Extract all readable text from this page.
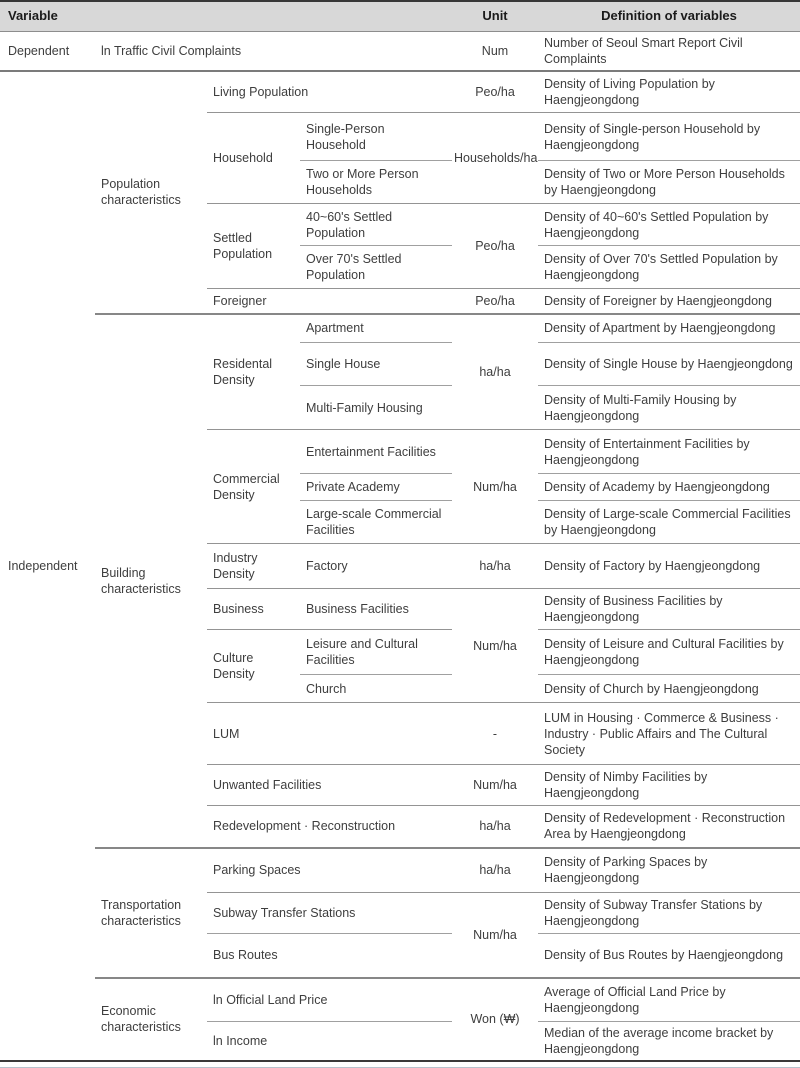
Variable				Unit	Definition of variables
Dependent	ln Traffic Civil Complaints			Num	Number of Seoul Smart Report Civil Complaints
Independent	Population characteristics	Living Population		Peo/ha	Density of Living Population by Haengjeongdong
		Household	Single-Person Household	Households/ha	Density of Single-person Household by Haengjeongdong
			Two or More Person Households		Density of Two or More Person Households by Haengjeongdong
		Settled Population	40~60's Settled Population	Peo/ha	Density of 40~60's Settled Population by Haengjeongdong
			Over 70's Settled Population		Density of Over 70's Settled Population by Haengjeongdong
		Foreigner		Peo/ha	Density of Foreigner by Haengjeongdong
	Building characteristics	Residental Density	Apartment	ha/ha	Density of Apartment by Haengjeongdong
			Single House		Density of Single House by Haengjeongdong
			Multi-Family Housing		Density of Multi-Family Housing by Haengjeongdong
		Commercial Density	Entertainment Facilities	Num/ha	Density of Entertainment Facilities by Haengjeongdong
			Private Academy		Density of Academy by Haengjeongdong
			Large-scale Commercial Facilities		Density of Large-scale Commercial Facilities by Haengjeongdong
		Industry Density	Factory	ha/ha	Density of Factory by Haengjeongdong
		Business	Business Facilities	Num/ha	Density of Business Facilities by Haengjeongdong
		Culture Density	Leisure and Cultural Facilities		Density of Leisure and Cultural Facilities by Haengjeongdong
			Church		Density of Church by Haengjeongdong
		LUM		-	LUM in Housing · Commerce & Business · Industry · Public Affairs and The Cultural Society
		Unwanted Facilities		Num/ha	Density of Nimby Facilities by Haengjeongdong
		Redevelopment · Reconstruction		ha/ha	Density of Redevelopment · Reconstruction Area by Haengjeongdong
	Transportation characteristics	Parking Spaces		ha/ha	Density of Parking Spaces by Haengjeongdong
		Subway Transfer Stations		Num/ha	Density of Subway Transfer Stations by Haengjeongdong
		Bus Routes			Density of Bus Routes by Haengjeongdong
	Economic characteristics	ln Official Land Price		Won (₩)	Average of Official Land Price by Haengjeongdong
		ln Income			Median of the average income bracket by Haengjeongdong
